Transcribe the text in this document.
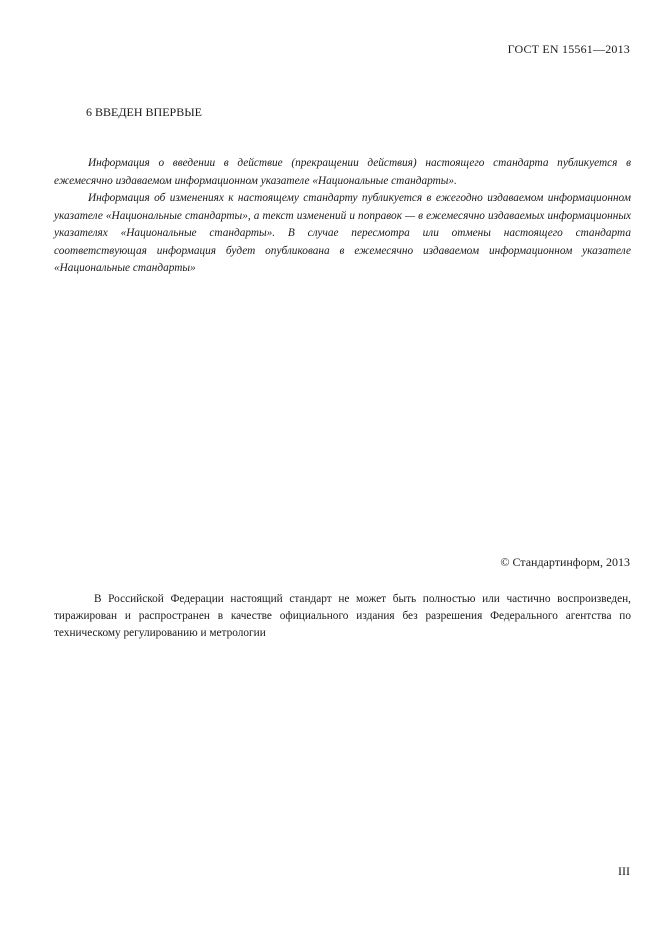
ГОСТ EN 15561—2013
6 ВВЕДЕН ВПЕРВЫЕ

Информация о введении в действие (прекращении действия) настоящего стандарта публикуется в ежемесячно издаваемом информационном указателе «Национальные стандарты».

Информация об изменениях к настоящему стандарту публикуется в ежегодно издаваемом информационном указателе «Национальные стандарты», а текст изменений и поправок — в ежемесячно издаваемых информационных указателях «Национальные стандарты». В случае пересмотра или отмены настоящего стандарта соответствующая информация будет опубликована в ежемесячно издаваемом информационном указателе «Национальные стандарты»

© Стандартинформ, 2013

В Российской Федерации настоящий стандарт не может быть полностью или частично воспроизведен, тиражирован и распространен в качестве официального издания без разрешения Федерального агентства по техническому регулированию и метрологии

III
